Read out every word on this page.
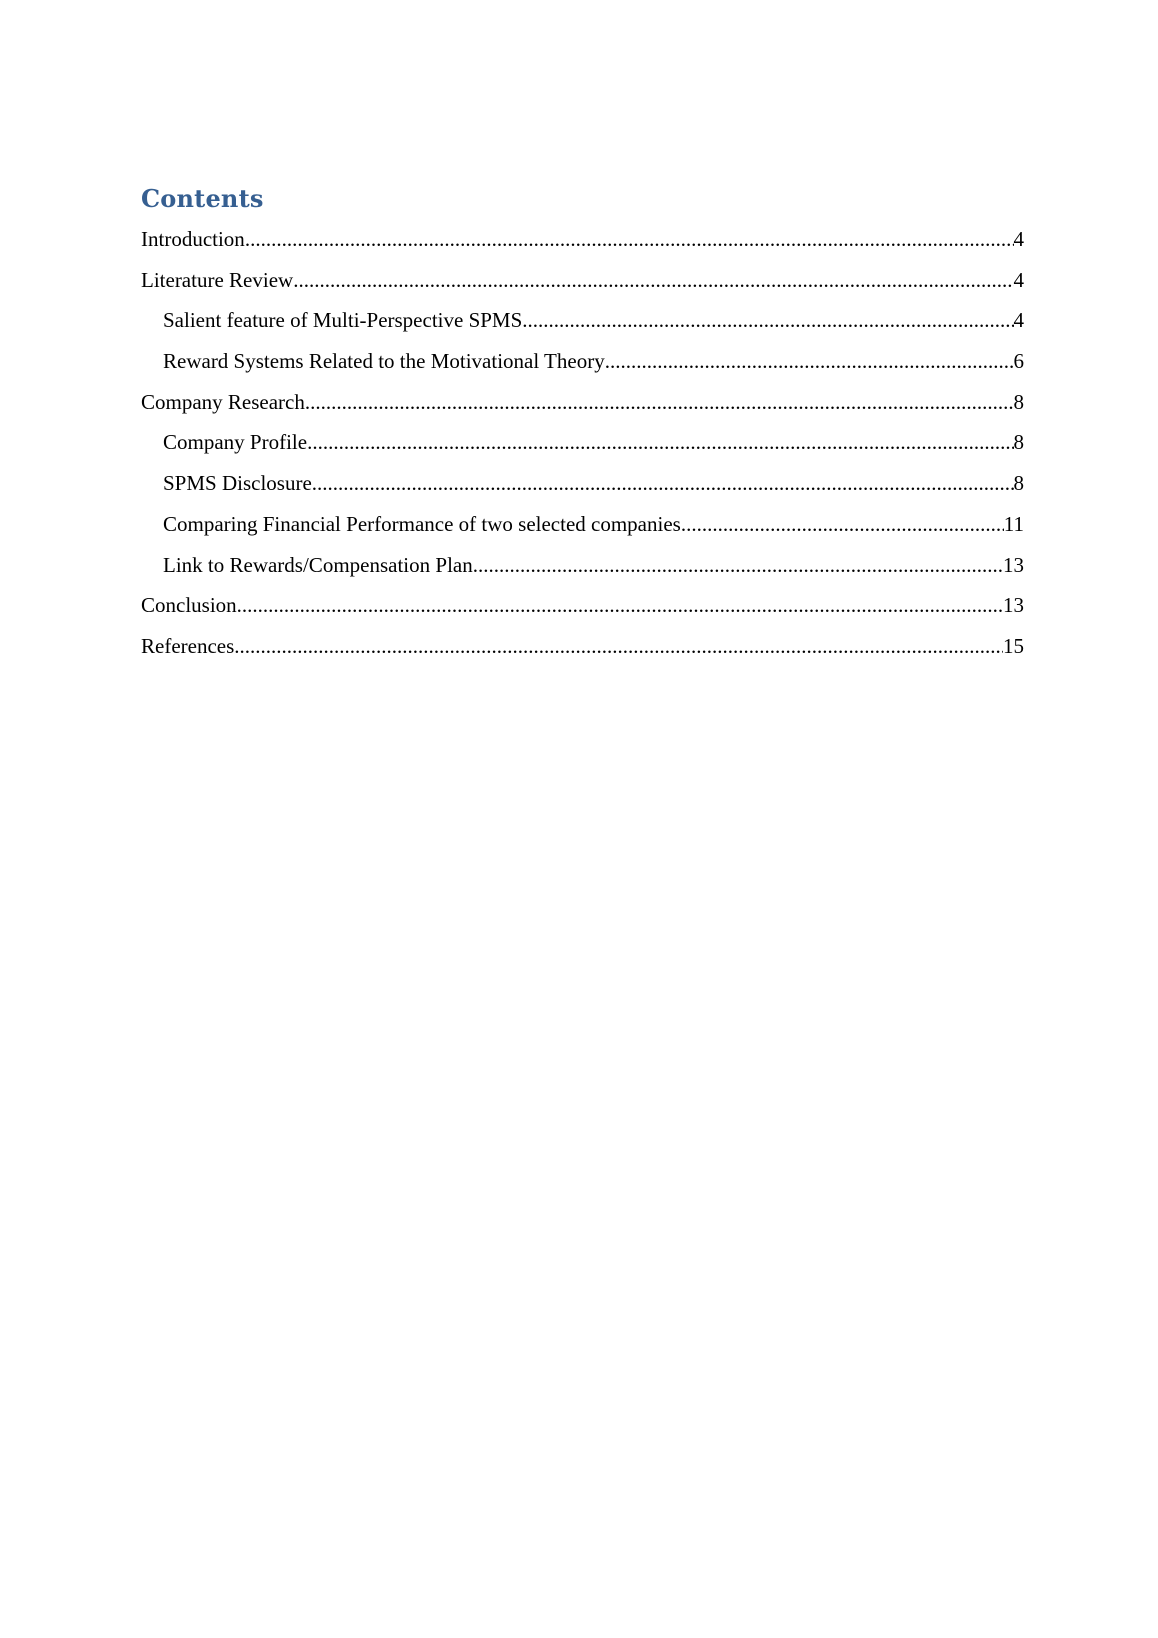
Contents
Introduction .....	4
Literature Review .....	4
Salient feature of Multi-Perspective SPMS .....	4
Reward Systems Related to the Motivational Theory .....	6
Company Research .....	8
Company Profile .....	8
SPMS Disclosure .....	8
Comparing Financial Performance of two selected companies .....	11
Link to Rewards/Compensation Plan .....	13
Conclusion .....	13
References .....	15
